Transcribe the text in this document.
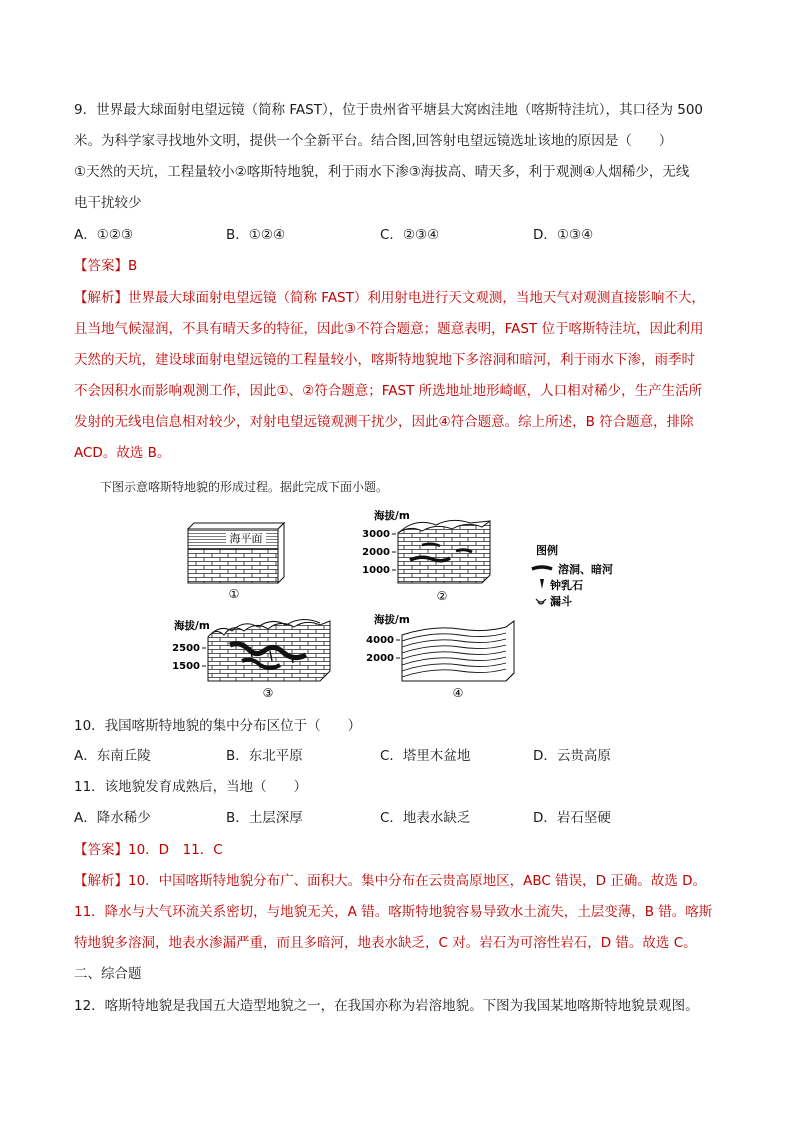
9．世界最大球面射电望远镜（简称 FAST），位于贵州省平塘县大窝凼洼地（喀斯特洼坑），其口径为 500
米。为科学家寻找地外文明，提供一个全新平台。结合图,回答射电望远镜选址该地的原因是（　　）
①天然的天坑，工程量较小②喀斯特地貌，利于雨水下渗③海拔高、晴天多，利于观测④人烟稀少，无线
电干扰较少
A．①②③	B．①②④	C．②③④	D．①③④
【答案】B
【解析】世界最大球面射电望远镜（简称 FAST）利用射电进行天文观测，当地天气对观测直接影响不大，
且当地气候湿润，不具有晴天多的特征，因此③不符合题意；题意表明，FAST 位于喀斯特洼坑，因此利用
天然的天坑，建设球面射电望远镜的工程量较小，喀斯特地貌地下多溶洞和暗河，利于雨水下渗，雨季时
不会因积水而影响观测工作，因此①、②符合题意；FAST 所选地址地形崎岖，人口相对稀少，生产生活所
发射的无线电信息相对较少，对射电望远镜观测干扰少，因此④符合题意。综上所述，B 符合题意，排除
ACD。故选 B。
下图示意喀斯特地貌的形成过程。据此完成下面小题。
海平面
①
海拔/m
3000
2000
1000
②
图例
溶洞、暗河
钟乳石
漏斗
海拔/m
2500
1500
③
海拔/m
4000
2000
④
10．我国喀斯特地貌的集中分布区位于（　　）
A．东南丘陵	B．东北平原	C．塔里木盆地	D．云贵高原
11．该地貌发育成熟后，当地（　　）
A．降水稀少	B．土层深厚	C．地表水缺乏	D．岩石坚硬
【答案】10．D　11．C
【解析】10．中国喀斯特地貌分布广、面积大。集中分布在云贵高原地区，ABC 错误，D 正确。故选 D。
11．降水与大气环流关系密切，与地貌无关，A 错。喀斯特地貌容易导致水土流失，土层变薄，B 错。喀斯
特地貌多溶洞，地表水渗漏严重，而且多暗河，地表水缺乏，C 对。岩石为可溶性岩石，D 错。故选 C。
二、综合题
12．喀斯特地貌是我国五大造型地貌之一，在我国亦称为岩溶地貌。下图为我国某地喀斯特地貌景观图。
